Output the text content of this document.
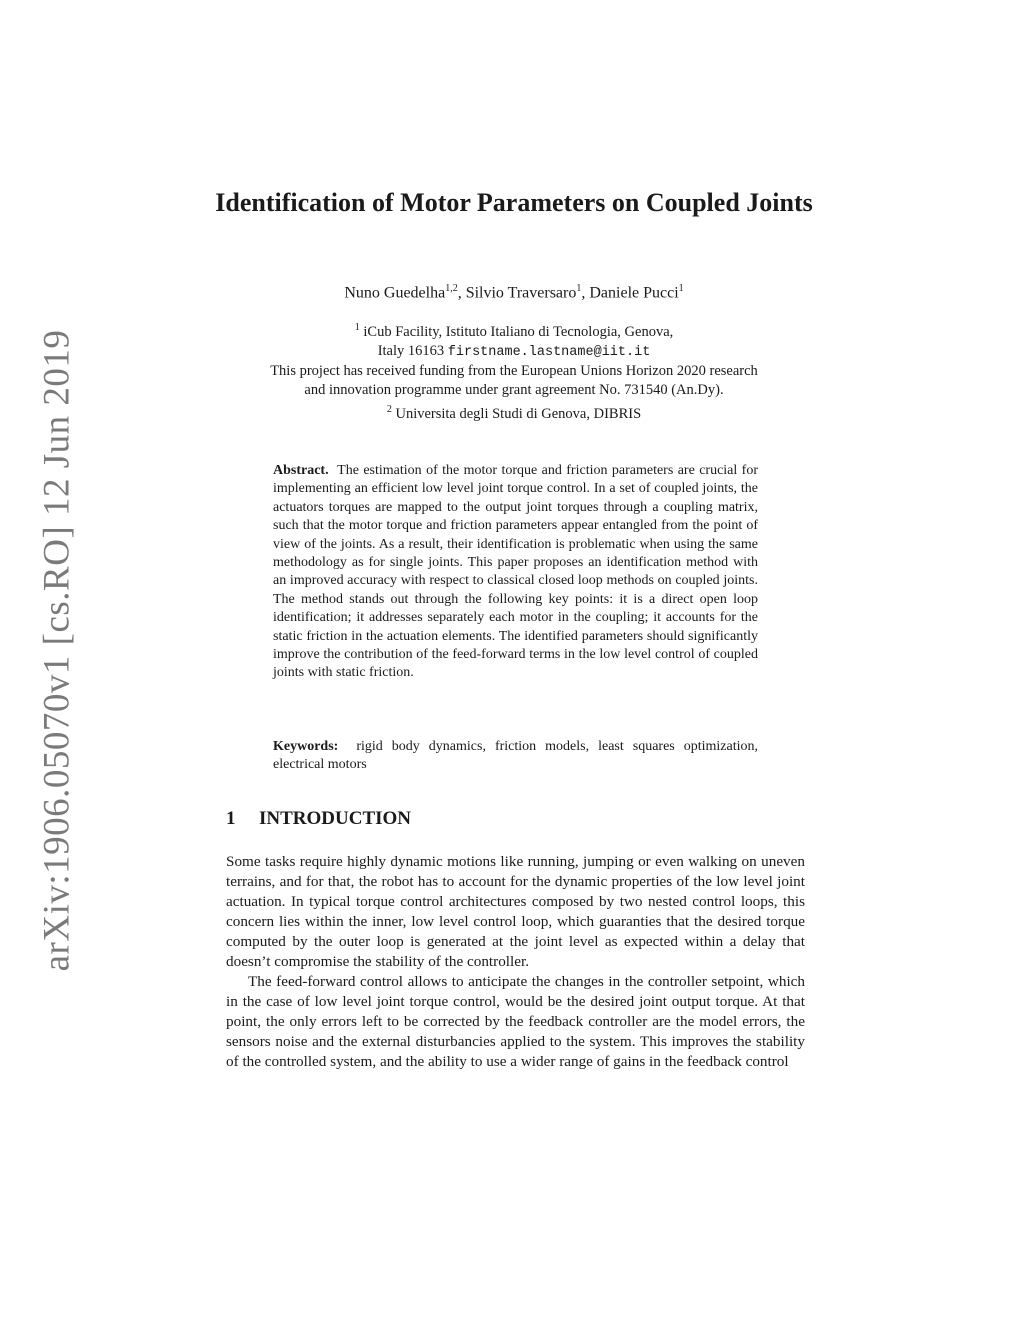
arXiv:1906.05070v1 [cs.RO] 12 Jun 2019
Identification of Motor Parameters on Coupled Joints
Nuno Guedelha$^{1,2}$, Silvio Traversaro$^1$, Daniele Pucci$^1$
$^1$ iCub Facility, Istituto Italiano di Tecnologia, Genova,
Italy 16163 firstname.lastname@iit.it
This project has received funding from the European Unions Horizon 2020 research
and innovation programme under grant agreement No. 731540 (An.Dy).
$^2$ Universita degli Studi di Genova, DIBRIS

Abstract. The estimation of the motor torque and friction parameters are crucial for implementing an efficient low level joint torque control. In a set of coupled joints, the actuators torques are mapped to the output joint torques through a coupling matrix, such that the motor torque and friction parameters appear entangled from the point of view of the joints. As a result, their identification is problematic when using the same methodology as for single joints. This paper proposes an identification method with an improved accuracy with respect to classical closed loop methods on coupled joints. The method stands out through the following key points: it is a direct open loop identification; it addresses separately each motor in the coupling; it accounts for the static friction in the actuation elements. The identified parameters should significantly improve the contribution of the feed-forward terms in the low level control of coupled joints with static friction.

Keywords: rigid body dynamics, friction models, least squares optimization, electrical motors

1 INTRODUCTION

Some tasks require highly dynamic motions like running, jumping or even walking on uneven terrains, and for that, the robot has to account for the dynamic properties of the low level joint actuation. In typical torque control architectures composed by two nested control loops, this concern lies within the inner, low level control loop, which guaranties that the desired torque computed by the outer loop is generated at the joint level as expected within a delay that doesn’t compromise the stability of the controller.

The feed-forward control allows to anticipate the changes in the controller setpoint, which in the case of low level joint torque control, would be the desired joint output torque. At that point, the only errors left to be corrected by the feedback controller are the model errors, the sensors noise and the external disturbancies applied to the system. This improves the stability of the controlled system, and the ability to use a wider range of gains in the feedback control
